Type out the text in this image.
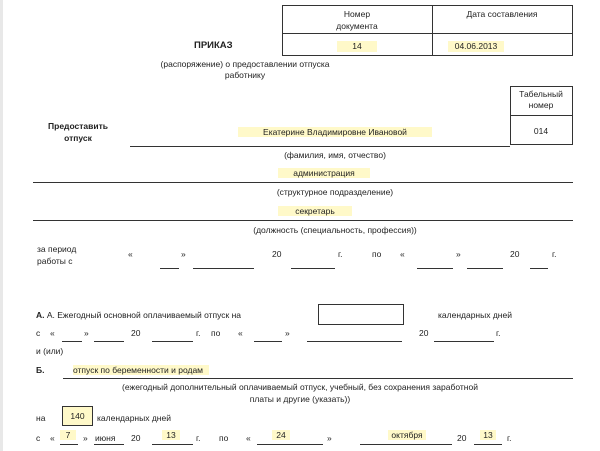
Номер документа
Дата составления
14	04.06.2013
ПРИКАЗ
(распоряжение) о предоставлении отпуска
работнику
Табельный номер
014
Предоставить отпуск
Екатерине Владимировне Ивановой
(фамилия, имя, отчество)
администрация
(структурное подразделение)
секретарь
(должность (специальность, профессия))
за период работы с
«	»	20	г.	по «	»	20	г.
А. А. Ежегодный основной оплачиваемый отпуск на	календарных дней
с «	»	20	г. по «	»	20	г.
и (или)
Б.	отпуск по беременности и родам
(ежегодный дополнительный оплачиваемый отпуск, учебный, без сохранения заработной
платы и другие (указать))
на	140	календарных дней
с «	7	» июня 20	13	г. по «	24	»	октября	20	13	г.
